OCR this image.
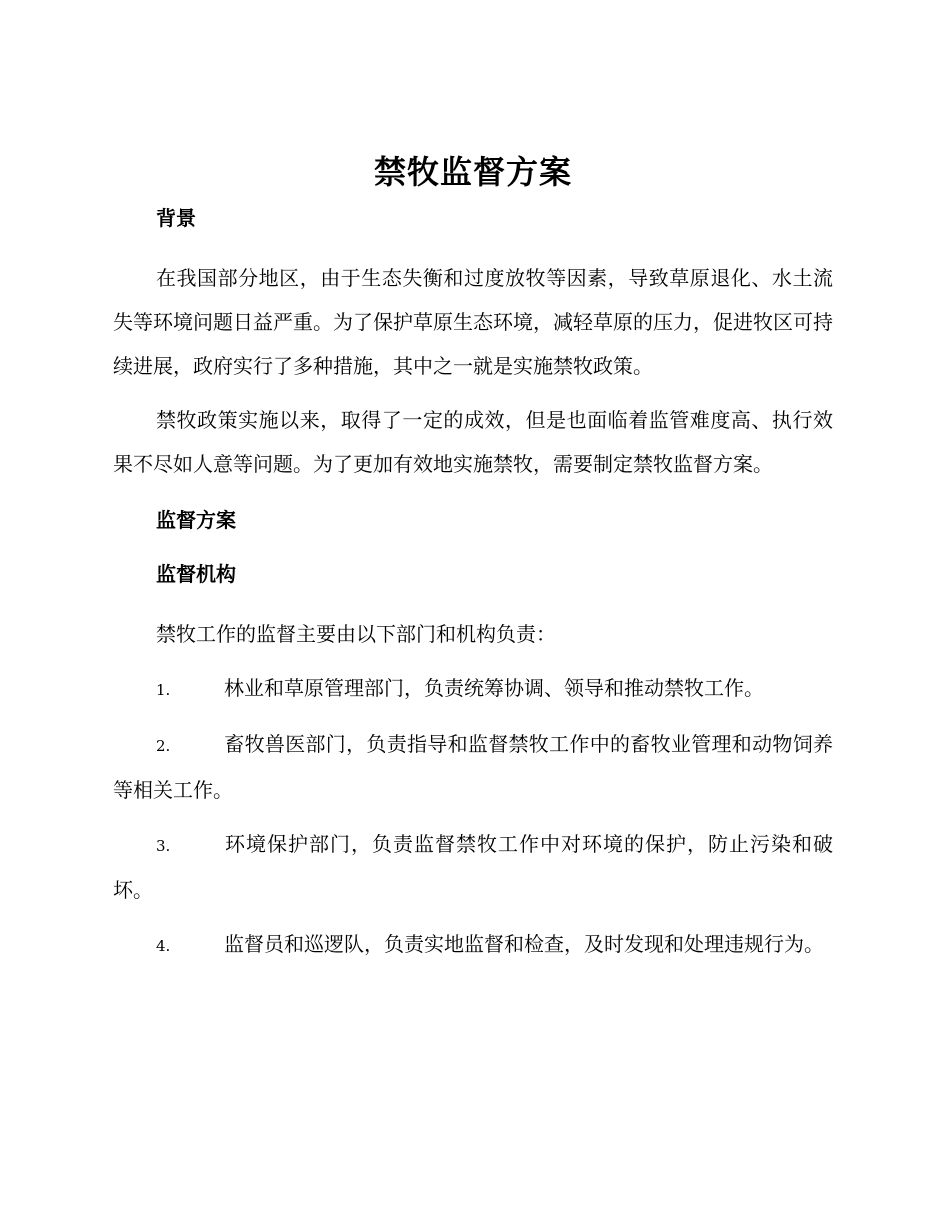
禁牧监督方案
背景

在我国部分地区，由于生态失衡和过度放牧等因素，导致草原退化、水土流失等环境问题日益严重。为了保护草原生态环境，减轻草原的压力，促进牧区可持续进展，政府实行了多种措施，其中之一就是实施禁牧政策。

禁牧政策实施以来，取得了一定的成效，但是也面临着监管难度高、执行效果不尽如人意等问题。为了更加有效地实施禁牧，需要制定禁牧监督方案。

监督方案
监督机构

禁牧工作的监督主要由以下部门和机构负责：

1.	林业和草原管理部门，负责统筹协调、领导和推动禁牧工作。
2.	畜牧兽医部门，负责指导和监督禁牧工作中的畜牧业管理和动物饲养等相关工作。
3.	环境保护部门，负责监督禁牧工作中对环境的保护，防止污染和破坏。
4.	监督员和巡逻队，负责实地监督和检查，及时发现和处理违规行为。
